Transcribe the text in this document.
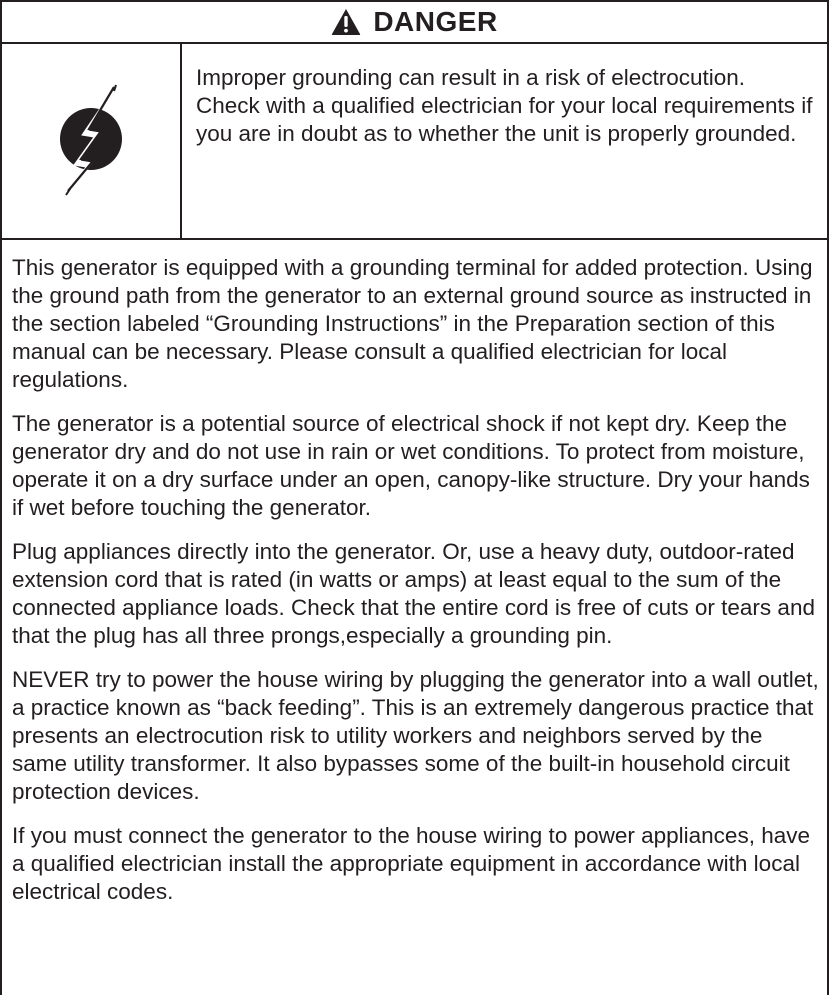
DANGER
Improper grounding can result in a risk of electrocution. Check with a qualified electrician for your local requirements if you are in doubt as to whether the unit is properly grounded.

This generator is equipped with a grounding terminal for added protection. Using the ground path from the generator to an external ground source as instructed in the section labeled “Grounding Instructions” in the Preparation section of this manual can be necessary. Please consult a qualified electrician for local regulations.

The generator is a potential source of electrical shock if not kept dry. Keep the generator dry and do not use in rain or wet conditions. To protect from moisture, operate it on a dry surface under an open, canopy-like structure. Dry your hands if wet before touching the generator.

Plug appliances directly into the generator. Or, use a heavy duty, outdoor-rated extension cord that is rated (in watts or amps) at least equal to the sum of the connected appliance loads. Check that the entire cord is free of cuts or tears and that the plug has all three prongs,especially a grounding pin.

NEVER try to power the house wiring by plugging the generator into a wall outlet, a practice known as “back feeding”. This is an extremely dangerous practice that presents an electrocution risk to utility workers and neighbors served by the same utility transformer. It also bypasses some of the built-in household circuit protection devices.

If you must connect the generator to the house wiring to power appliances, have a qualified electrician install the appropriate equipment in accordance with local electrical codes.
